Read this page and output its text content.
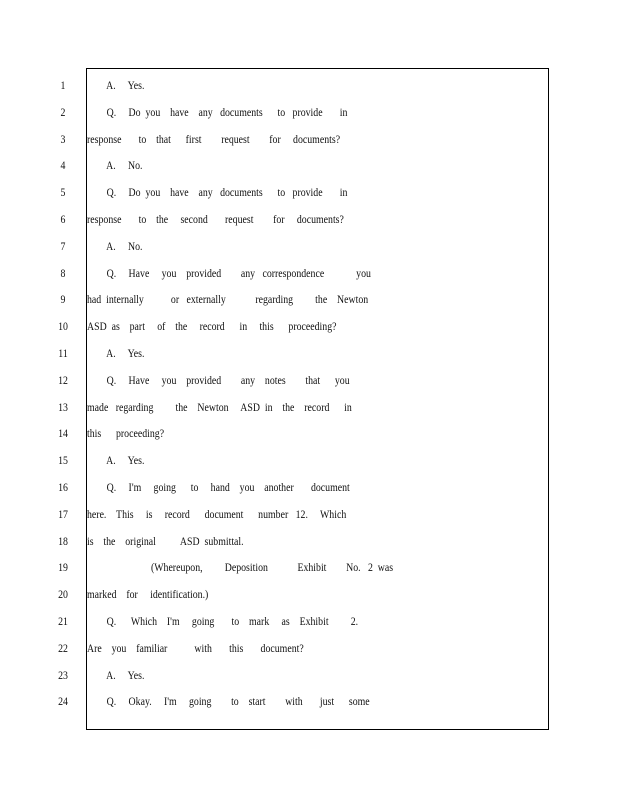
1	A.     Yes.
2	Q.     Do  you    have    any   documents      to   provide       in
3	response       to    that      first        request        for     documents?
4	A.     No.
5	Q.     Do  you    have    any   documents      to   provide       in
6	response       to    the     second       request        for     documents?
7	A.     No.
8	Q.     Have     you    provided        any   correspondence             you
9	had  internally           or   externally            regarding         the    Newton
10	ASD  as    part     of    the     record      in     this      proceeding?
11	A.     Yes.
12	Q.     Have     you    provided        any    notes        that      you
13	made   regarding         the    Newton     ASD  in    the    record      in
14	this      proceeding?
15	A.     Yes.
16	Q.     I'm     going      to     hand    you    another       document
17	here.    This     is     record      document      number   12.     Which
18	is    the    original          ASD  submittal.
19	(Whereupon,         Deposition            Exhibit        No.   2  was
20	marked    for     identification.)
21	Q.      Which    I'm     going       to    mark     as    Exhibit         2.
22	Are    you    familiar           with       this       document?
23	A.     Yes.
24	Q.     Okay.     I'm     going        to    start        with       just      some
